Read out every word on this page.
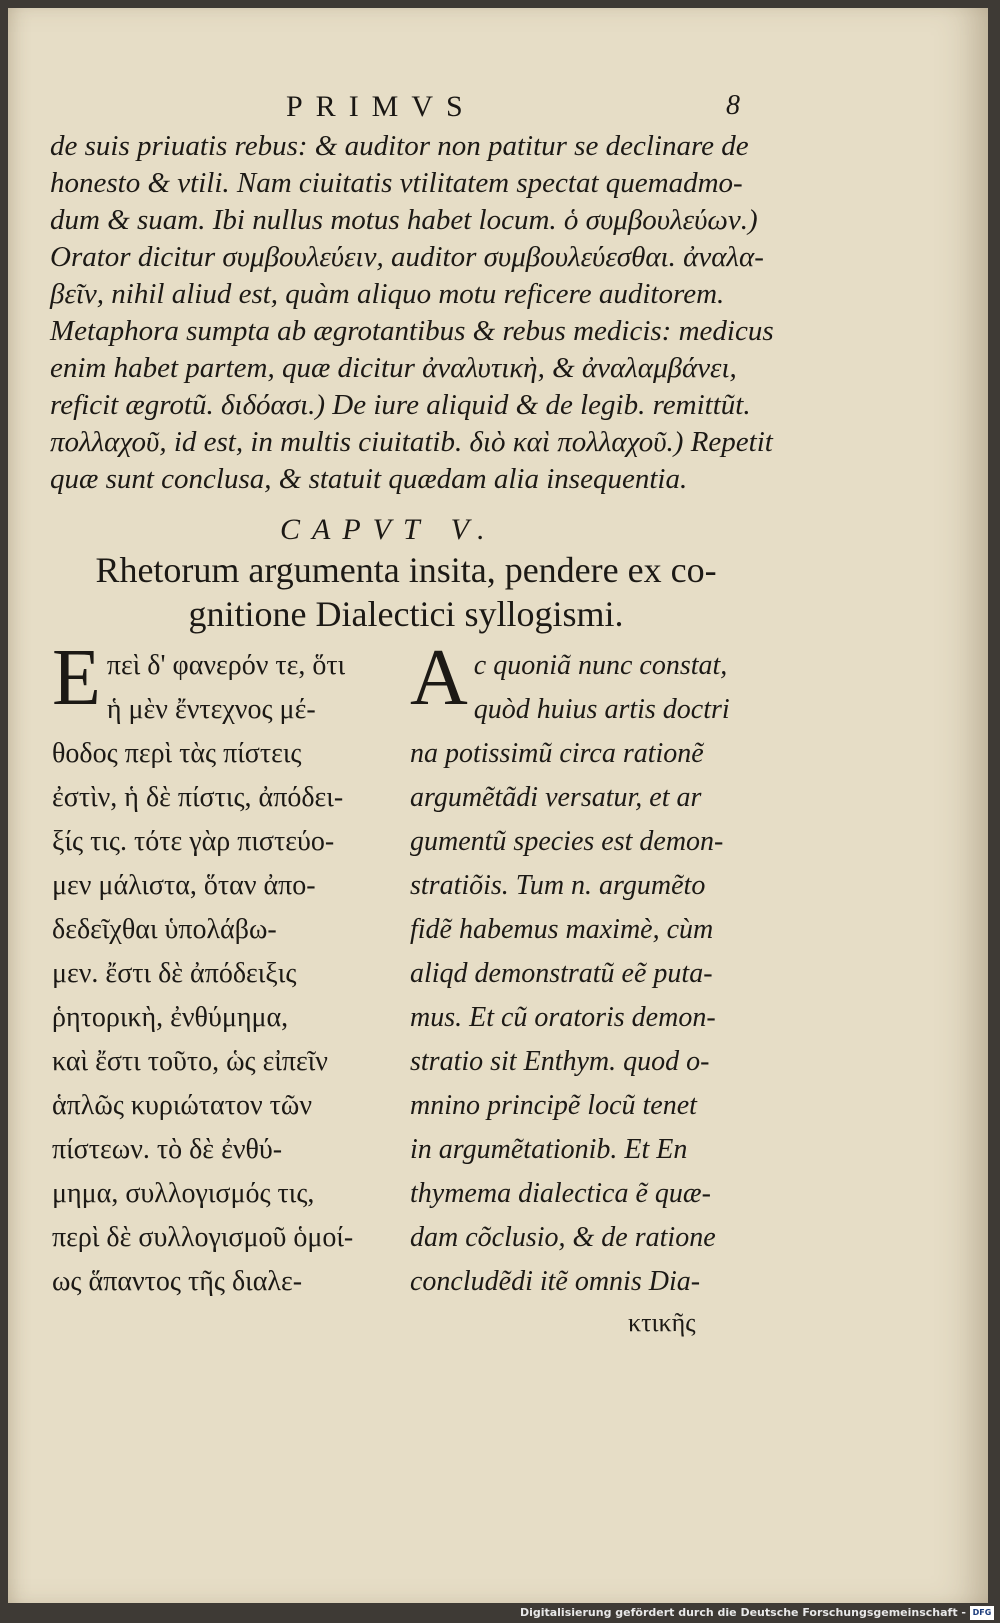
PRIMVS	8
de suis priuatis rebus: & auditor non patitur se declinare de
honesto & vtili. Nam ciuitatis vtilitatem spectat quemadmo-
dum & suam. Ibi nullus motus habet locum. ὁ συμβουλεύων.)
Orator dicitur συμβουλεύειν, auditor συμβουλεύεσθαι. ἀναλα-
βεῖν, nihil aliud est, quàm aliquo motu reficere auditorem.
Metaphora sumpta ab ægrotantibus & rebus medicis: medicus
enim habet partem, quæ dicitur ἀναλυτικὴ, & ἀναλαμβάνει,
reficit ægrotũ. διδόασι.) De iure aliquid & de legib. remittũt.
πολλαχοῦ, id est, in multis ciuitatib. διὸ καὶ πολλαχοῦ.) Repetit
quæ sunt conclusa, & statuit quædam alia insequentia.
CAPVT V.
Rhetorum argumenta insita, pendere ex co-
gnitione Dialectici syllogismi.
E πεὶ δ' φανερόν τε, ὅτι
ἡ μὲν ἔντεχνος μέ-
θοδος περὶ τὰς πίστεις
ἐστὶν, ἡ δὲ πίστις, ἀπόδει-
ξίς τις. τότε γὰρ πιστεύο-
μεν μάλιστα, ὅταν ἀπο-
δεδεῖχθαι ὑπολάβω-
μεν. ἔστι δὲ ἀπόδειξις
ῥητορικὴ, ἐνθύμημα,
καὶ ἔστι τοῦτο, ὡς εἰπεῖν
ἁπλῶς κυριώτατον τῶν
πίστεων. τὸ δὲ ἐνθύ-
μημα, συλλογισμός τις,
περὶ δὲ συλλογισμοῦ ὁμοί-
ως ἅπαντος τῆς διαλε-
A c quoniã nunc constat,
quòd huius artis doctri
na potissimũ circa rationẽ
argumẽtãdi versatur, et ar
gumentũ species est demon-
stratiõis. Tum n. argumẽto
fidẽ habemus maximè, cùm
aliqd demonstratũ eẽ puta-
mus. Et cũ oratoris demon-
stratio sit Enthym. quod o-
mnino principẽ locũ tenet
in argumẽtationib. Et En
thymema dialectica ẽ quæ-
dam cõclusio, & de ratione
concludẽdi itẽ omnis Dia-
κτικῆς
Digitalisierung gefördert durch die Deutsche Forschungsgemeinschaft - DFG
